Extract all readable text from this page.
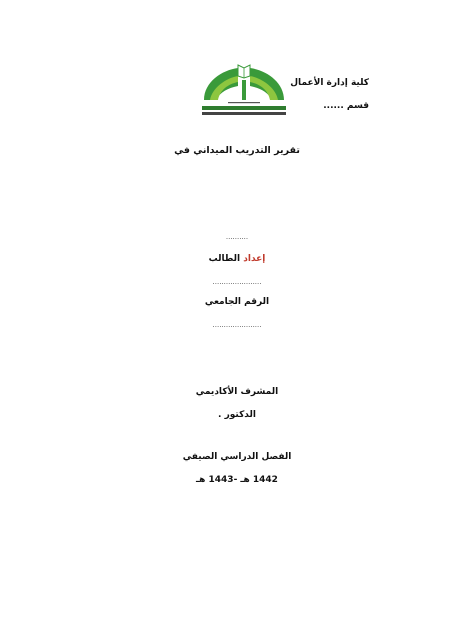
كلية إدارة الأعمال
قسم ......
تقرير التدريب الميداني في
..........
إعداد الطالب
......................
الرقم الجامعي
......................
المشرف الأكاديمي
الدكتور .
الفصل الدراسي الصيفي
1442 هـ -1443 هـ
